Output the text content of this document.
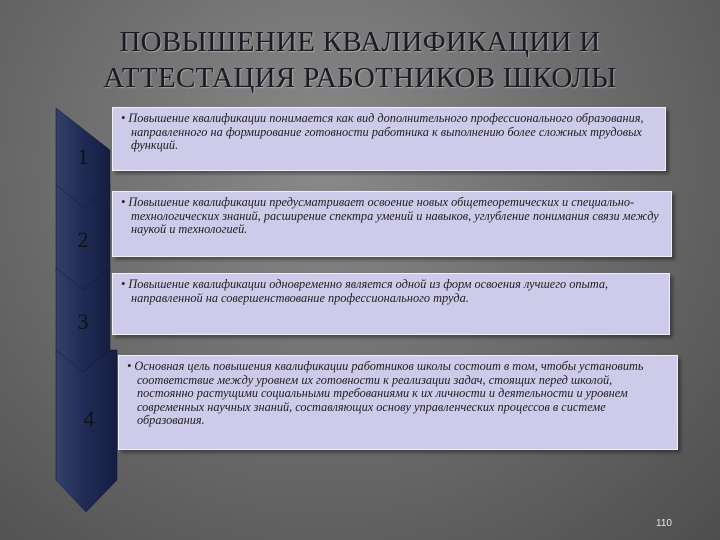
ПОВЫШЕНИЕ КВАЛИФИКАЦИИ И
АТТЕСТАЦИЯ РАБОТНИКОВ ШКОЛЫ
1
2
3
4

• Повышение квалификации понимается как вид дополнительного профессионального образования, направленного на формирование готовности работника к выполнению более сложных трудовых функций.

• Повышение квалификации предусматривает освоение новых общетеоретических и специально-технологических знаний, расширение спектра умений и навыков, углубление понимания связи между наукой и технологией.

• Повышение квалификации одновременно является одной из форм освоения лучшего опыта, направленной на совершенствование профессионального труда.

• Основная цель повышения квалификации работников школы состоит в том, чтобы установить соответствие между уровнем их готовности к реализации задач, стоящих перед школой, постоянно растущими социальными требованиями к их личности и деятельности и уровнем современных научных знаний, составляющих основу управленческих процессов в системе образования.

110
